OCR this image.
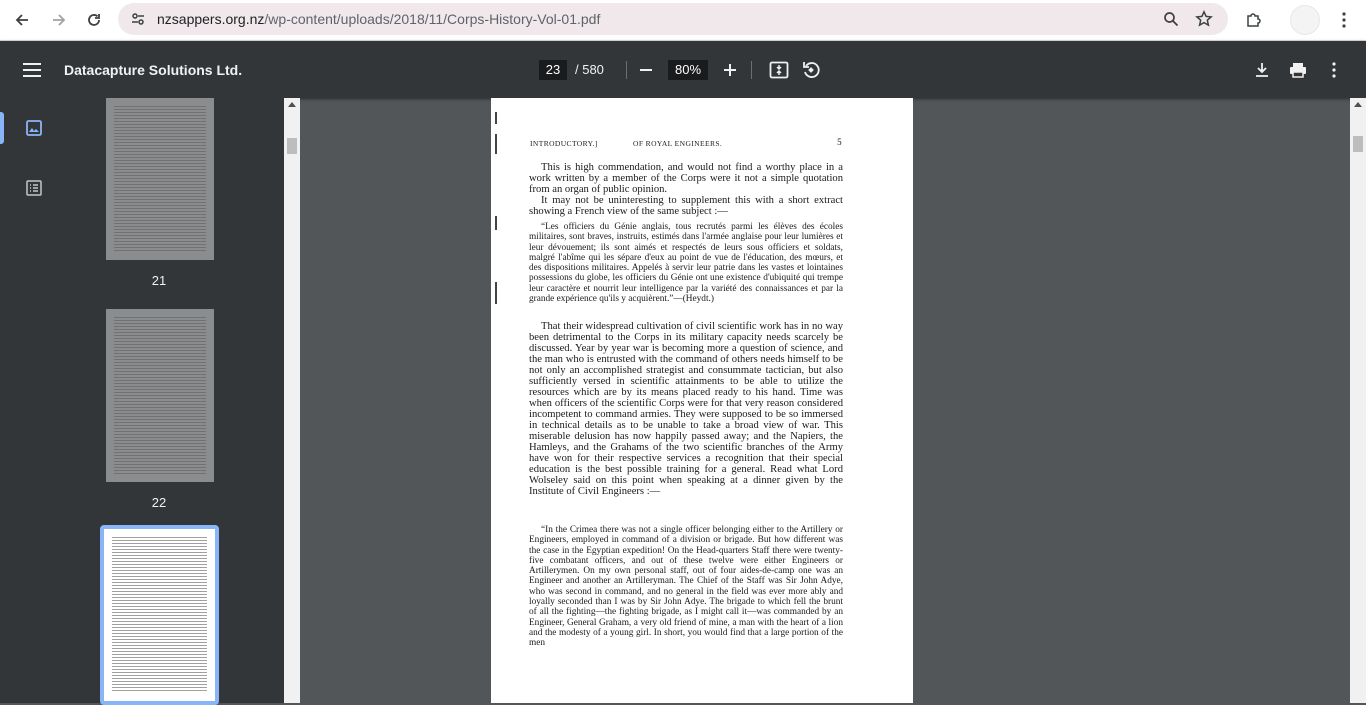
nzsappers.org.nz/wp-content/uploads/2018/11/Corps-History-Vol-01.pdf
Datacapture Solutions Ltd.	23	/ 580	80%
21
22
INTRODUCTORY.]	OF ROYAL ENGINEERS.	5
This is high commendation, and would not find a worthy place in a work written by a member of the Corps were it not a simple quotation from an organ of public opinion.
It may not be uninteresting to supplement this with a short extract showing a French view of the same subject :—
“Les officiers du Génie anglais, tous recrutés parmi les élèves des écoles militaires, sont braves, instruits, estimés dans l'armée anglaise pour leur lumières et leur dévouement; ils sont aimés et respectés de leurs sous officiers et soldats, malgré l'abîme qui les sépare d'eux au point de vue de l'éducation, des mœurs, et des dispositions militaires. Appelés à servir leur patrie dans les vastes et lointaines possessions du globe, les officiers du Génie ont une existence d'ubiquité qui trempe leur caractère et nourrit leur intelligence par la variété des connaissances et par la grande expérience qu'ils y acquièrent.”—(Heydt.)
That their widespread cultivation of civil scientific work has in no way been detrimental to the Corps in its military capacity needs scarcely be discussed. Year by year war is becoming more a question of science, and the man who is entrusted with the command of others needs himself to be not only an accomplished strategist and consummate tactician, but also sufficiently versed in scientific attainments to be able to utilize the resources which are by its means placed ready to his hand. Time was when officers of the scientific Corps were for that very reason considered incompetent to command armies. They were supposed to be so immersed in technical details as to be unable to take a broad view of war. This miserable delusion has now happily passed away; and the Napiers, the Hamleys, and the Grahams of the two scientific branches of the Army have won for their respective services a recognition that their special education is the best possible training for a general. Read what Lord Wolseley said on this point when speaking at a dinner given by the Institute of Civil Engineers :—
“In the Crimea there was not a single officer belonging either to the Artillery or Engineers, employed in command of a division or brigade. But how different was the case in the Egyptian expedition! On the Head-quarters Staff there were twenty-five combatant officers, and out of these twelve were either Engineers or Artillerymen. On my own personal staff, out of four aides-de-camp one was an Engineer and another an Artilleryman. The Chief of the Staff was Sir John Adye, who was second in command, and no general in the field was ever more ably and loyally seconded than I was by Sir John Adye. The brigade to which fell the brunt of all the fighting—the fighting brigade, as I might call it—was commanded by an Engineer, General Graham, a very old friend of mine, a man with the heart of a lion and the modesty of a young girl. In short, you would find that a large portion of the men
